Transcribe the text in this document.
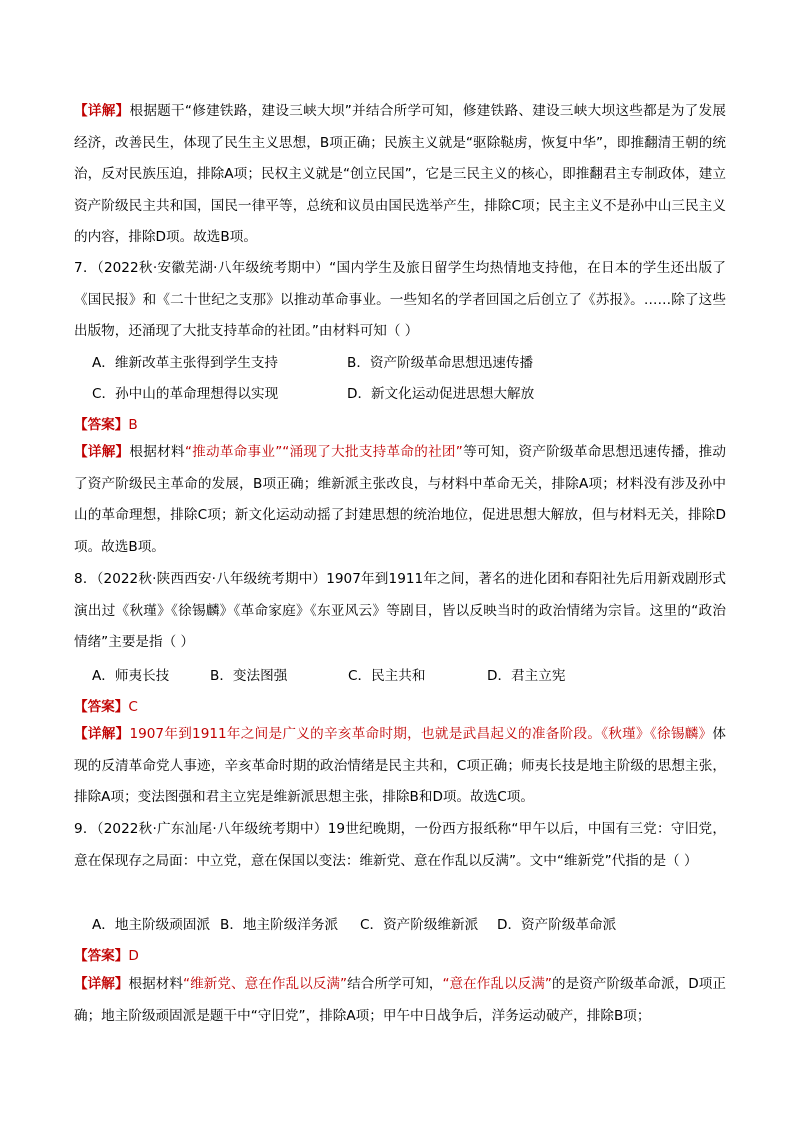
【详解】根据题干“修建铁路，建设三峡大坝”并结合所学可知，修建铁路、建设三峡大坝这些都是为了发展经济，改善民生，体现了民生主义思想，B项正确；民族主义就是“驱除鞑虏，恢复中华”，即推翻清王朝的统治，反对民族压迫，排除A项；民权主义就是“创立民国”，它是三民主义的核心，即推翻君主专制政体，建立资产阶级民主共和国，国民一律平等，总统和议员由国民选举产生，排除C项；民主主义不是孙中山三民主义的内容，排除D项。故选B项。
7．（2022秋·安徽芜湖·八年级统考期中）“国内学生及旅日留学生均热情地支持他，在日本的学生还出版了《国民报》和《二十世纪之支那》以推动革命事业。一些知名的学者回国之后创立了《苏报》。……除了这些出版物，还涌现了大批支持革命的社团。”由材料可知（ ）
A．维新改革主张得到学生支持	B．资产阶级革命思想迅速传播
C．孙中山的革命理想得以实现	D．新文化运动促进思想大解放
【答案】B
【详解】根据材料“推动革命事业”“涌现了大批支持革命的社团”等可知，资产阶级革命思想迅速传播，推动了资产阶级民主革命的发展，B项正确；维新派主张改良，与材料中革命无关，排除A项；材料没有涉及孙中山的革命理想，排除C项；新文化运动动摇了封建思想的统治地位，促进思想大解放，但与材料无关，排除D项。故选B项。
8．（2022秋·陕西西安·八年级统考期中）1907年到1911年之间，著名的进化团和春阳社先后用新戏剧形式演出过《秋瑾》《徐锡麟》《革命家庭》《东亚风云》等剧目，皆以反映当时的政治情绪为宗旨。这里的“政治情绪”主要是指（ ）
A．师夷长技	B．变法图强	C．民主共和	D．君主立宪
【答案】C
【详解】1907年到1911年之间是广义的辛亥革命时期，也就是武昌起义的准备阶段。《秋瑾》《徐锡麟》体现的反清革命党人事迹，辛亥革命时期的政治情绪是民主共和，C项正确；师夷长技是地主阶级的思想主张，排除A项；变法图强和君主立宪是维新派思想主张，排除B和D项。故选C项。
9．（2022秋·广东汕尾·八年级统考期中）19世纪晚期，一份西方报纸称“甲午以后，中国有三党：守旧党，意在保现存之局面：中立党，意在保国以变法：维新党、意在作乱以反满”。文中“维新党”代指的是（ ）
A．地主阶级顽固派 B．地主阶级洋务派 C．资产阶级维新派 D．资产阶级革命派
【答案】D
【详解】根据材料“维新党、意在作乱以反满”结合所学可知，“意在作乱以反满”的是资产阶级革命派，D项正确；地主阶级顽固派是题干中“守旧党”，排除A项；甲午中日战争后，洋务运动破产，排除B项；
